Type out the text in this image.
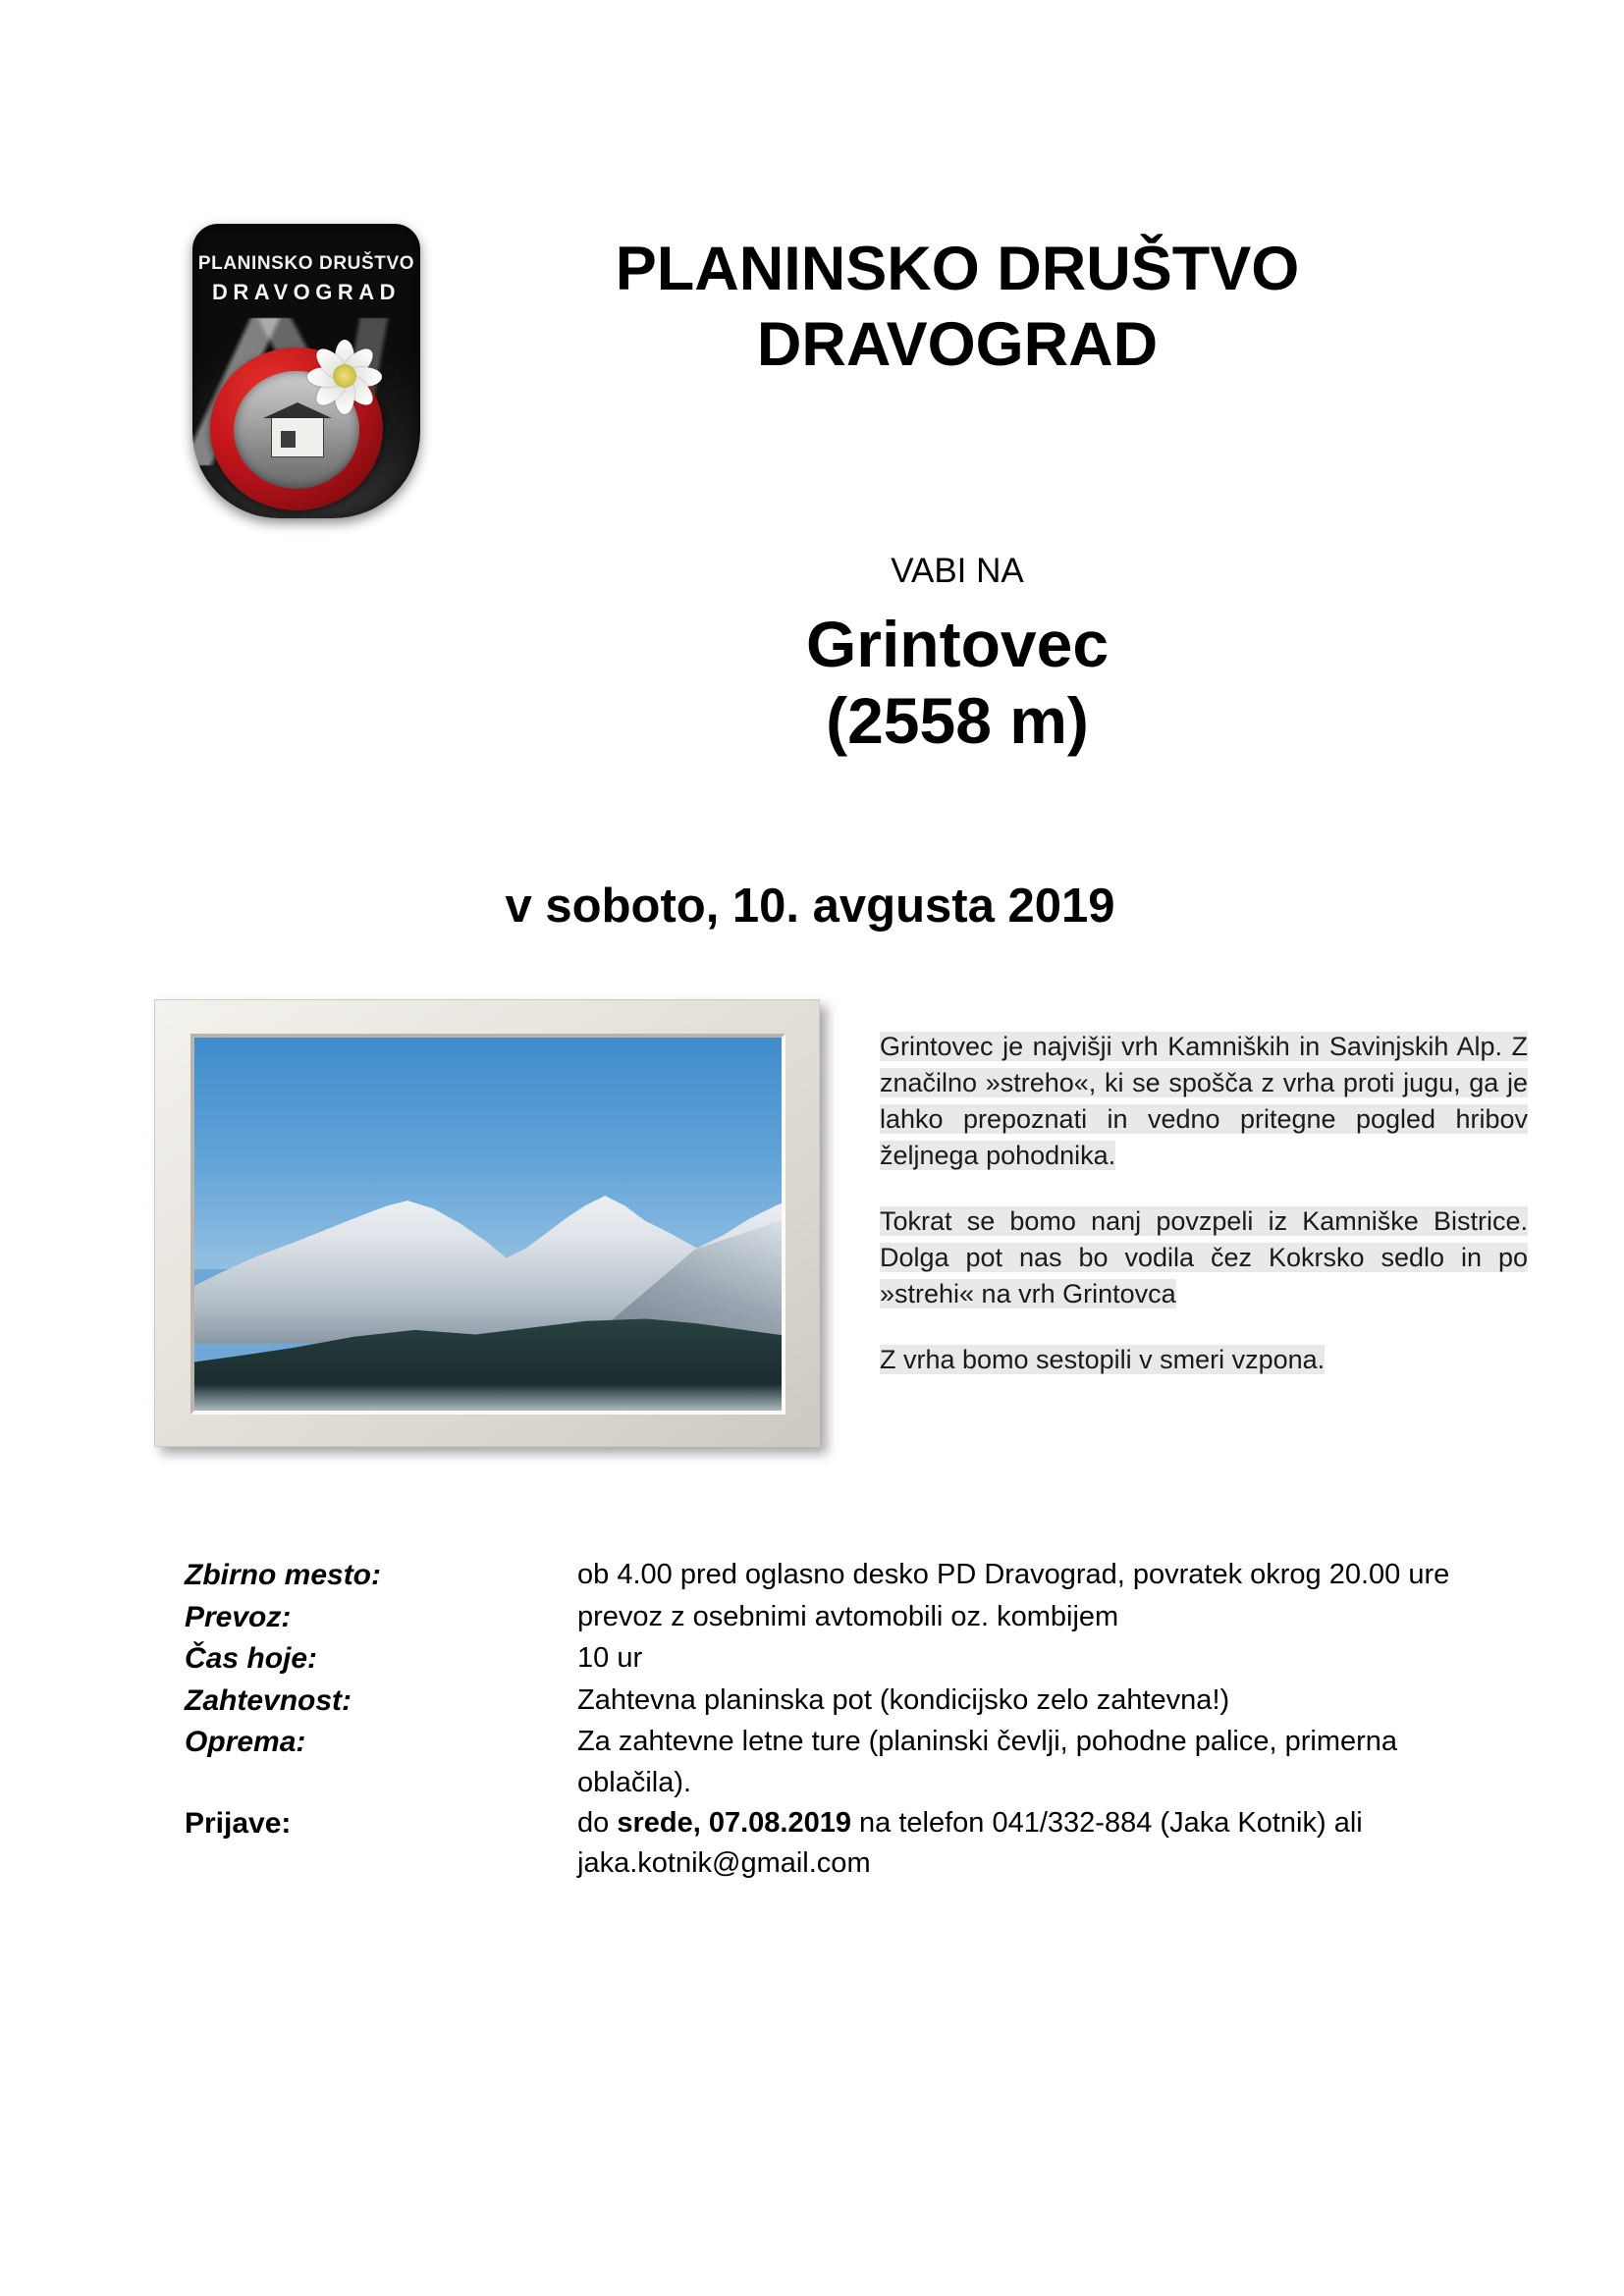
PLANINSKO DRUŠTVO
DRAVOGRAD	PLANINSKO DRUŠTVO
DRAVOGRAD
VABI NA
Grintovec
(2558 m)
v soboto, 10. avgusta 2019

Grintovec je najvišji vrh Kamniških in Savinjskih Alp. Z značilno »streho«, ki se spošča z vrha proti jugu, ga je lahko prepoznati in vedno pritegne pogled hribov željnega pohodnika.

Tokrat se bomo nanj povzpeli iz Kamniške Bistrice. Dolga pot nas bo vodila čez Kokrsko sedlo in po »strehi« na vrh Grintovca

Z vrha bomo sestopili v smeri vzpona.

Zbirno mesto:	ob 4.00 pred oglasno desko PD Dravograd, povratek okrog 20.00 ure
Prevoz:	prevoz z osebnimi avtomobili oz. kombijem
Čas hoje:	10 ur
Zahtevnost:	Zahtevna planinska pot (kondicijsko zelo zahtevna!)
Oprema:	Za zahtevne letne ture (planinski čevlji, pohodne palice, primerna oblačila).
Prijave:	do srede, 07.08.2019 na telefon 041/332-884 (Jaka Kotnik) ali jaka.kotnik@gmail.com
